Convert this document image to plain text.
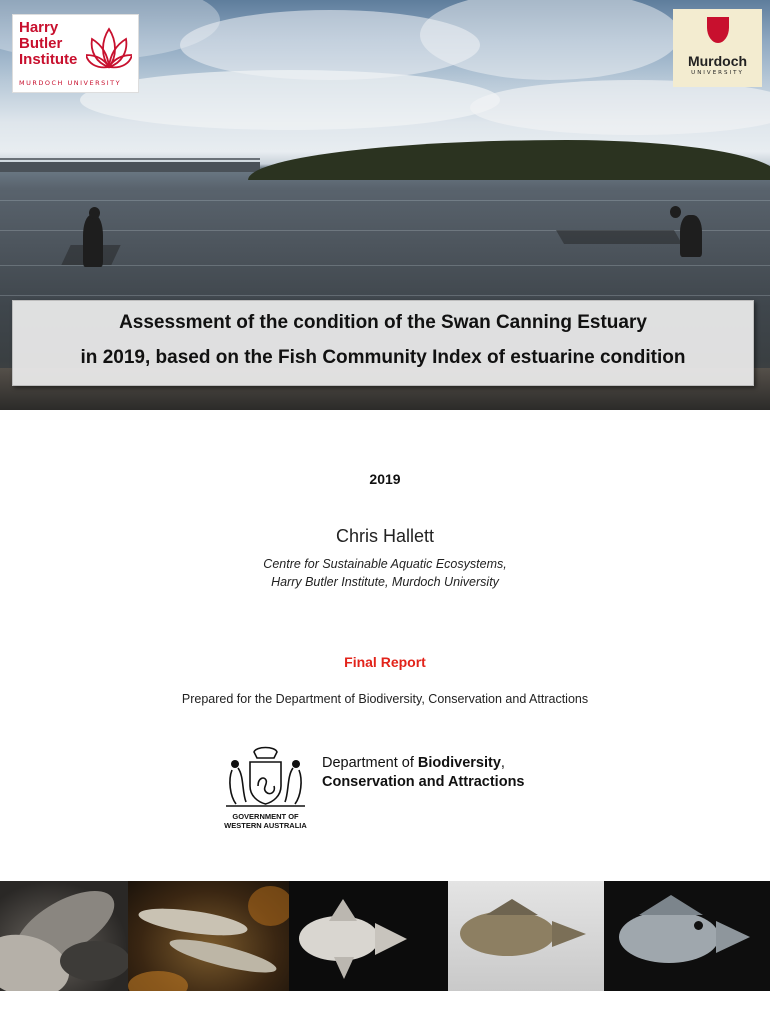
Harry
Butler
Institute
MURDOCH UNIVERSITY
Murdoch
UNIVERSITY
Assessment of the condition of the Swan Canning Estuary
in 2019, based on the Fish Community Index of estuarine condition
2019
Chris Hallett
Centre for Sustainable Aquatic Ecosystems,
Harry Butler Institute, Murdoch University
Final Report
Prepared for the Department of Biodiversity, Conservation and Attractions
GOVERNMENT OF
WESTERN AUSTRALIA
Department of Biodiversity,
Conservation and Attractions
